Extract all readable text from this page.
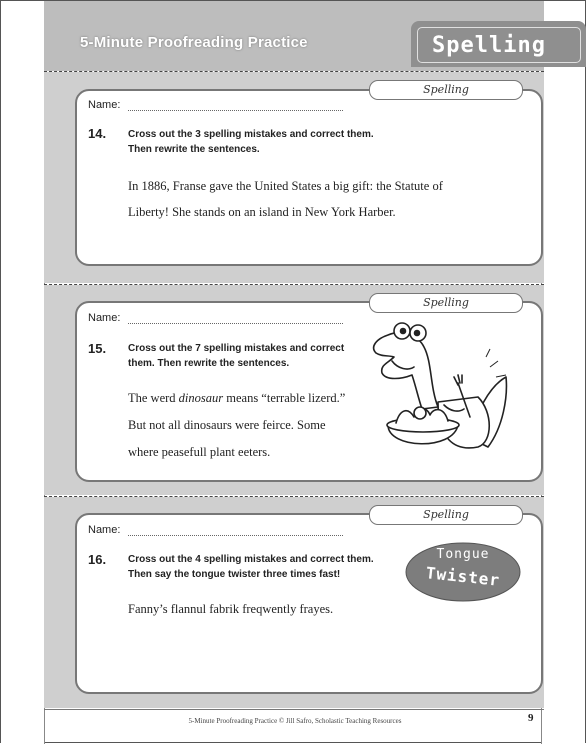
5-Minute Proofreading Practice	Spelling
Spelling
Name:
14. Cross out the 3 spelling mistakes and correct them.
Then rewrite the sentences.
In 1886, Franse gave the United States a big gift: the Statute of
Liberty! She stands on an island in New York Harber.
Spelling
Name:
15. Cross out the 7 spelling mistakes and correct
them. Then rewrite the sentences.
The werd dinosaur means “terrable lizerd.”
But not all dinosaurs were feirce. Some
where peasefull plant eeters.
Spelling
Name:
16. Cross out the 4 spelling mistakes and correct them.
Then say the tongue twister three times fast!
Fanny’s flannul fabrik freqwently frayes.
Tongue
Twister
5-Minute Proofreading Practice © Jill Safro, Scholastic Teaching Resources	9
